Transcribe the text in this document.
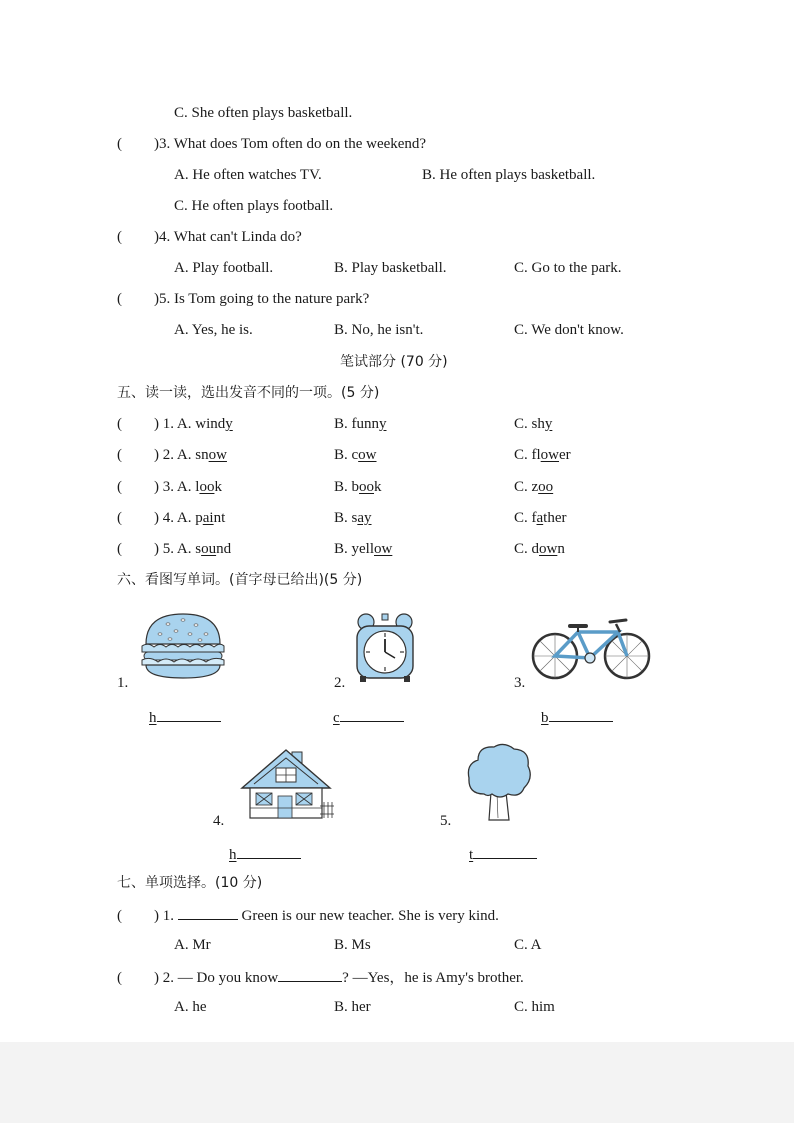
C. She often plays basketball.
( )3. What does Tom often do on the weekend?
A. He often watches TV.	B. He often plays basketball.
C. He often plays football.
( )4. What can't Linda do?
A. Play football.	B. Play basketball.	C. Go to the park.
( )5. Is Tom going to the nature park?
A. Yes, he is.	B. No, he isn't.	C. We don't know.
笔试部分 (70 分)
五、读一读，选出发音不同的一项。(5 分)
( ) 1. A. windy	B. funny	C. shy
( ) 2. A. snow	B. cow	C. flower
( ) 3. A. look	B. book	C. zoo
( ) 4. A. paint	B. say	C. father
( ) 5. A. sound	B. yellow	C. down
六、看图写单词。(首字母已给出)(5 分)
1.
h
2.
c
3.
b
4.
h
5.
t
七、单项选择。(10 分)
( ) 1.	Green is our new teacher. She is very kind.
A. Mr	B. Ms	C. A
( ) 2. — Do you know	? —Yes，he is Amy's brother.
A. he	B. her	C. him
